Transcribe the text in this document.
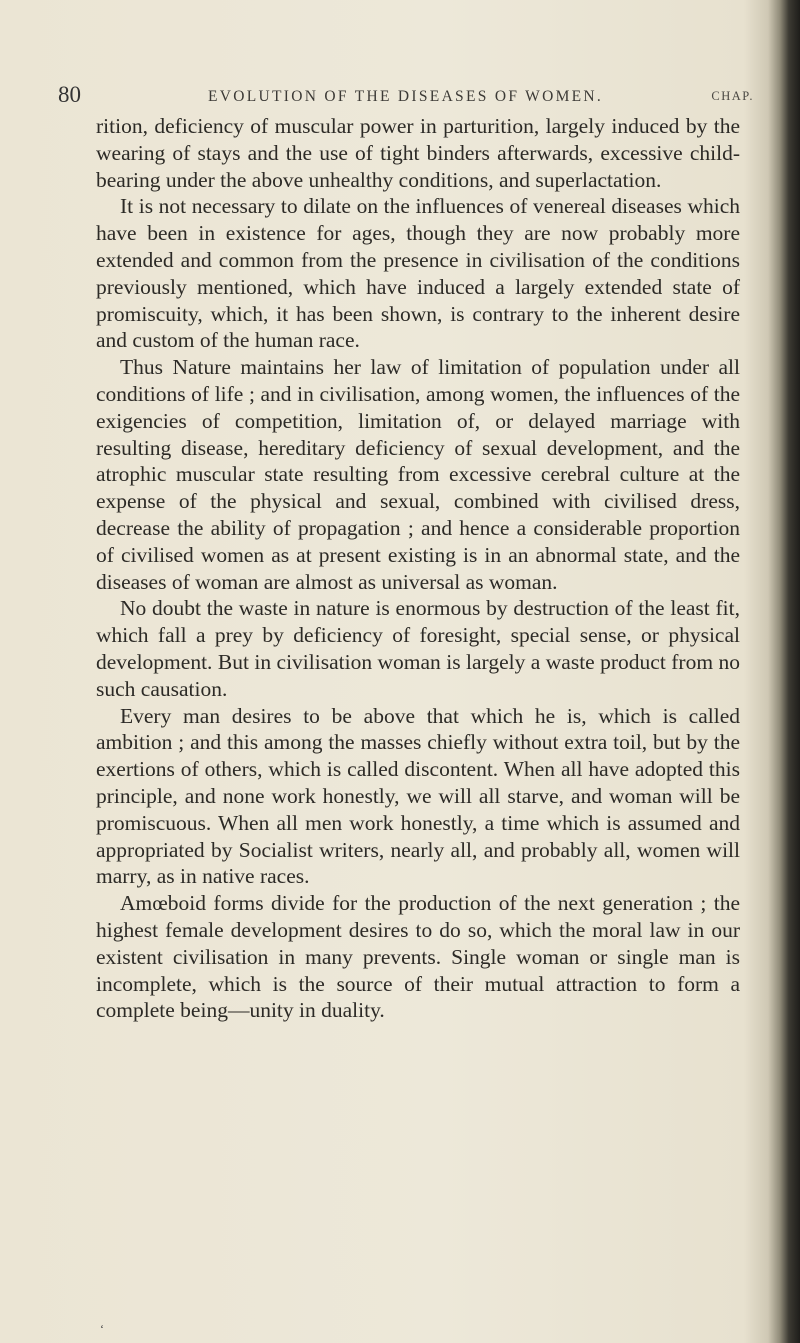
80	EVOLUTION OF THE DISEASES OF WOMEN.	CHAP.

rition, deficiency of muscular power in parturition, largely induced by the wearing of stays and the use of tight binders afterwards, excessive child-bearing under the above unhealthy conditions, and superlactation.

It is not necessary to dilate on the influences of venereal diseases which have been in existence for ages, though they are now probably more extended and common from the presence in civilisation of the conditions previously mentioned, which have induced a largely extended state of promiscuity, which, it has been shown, is contrary to the inherent desire and custom of the human race.

Thus Nature maintains her law of limitation of population under all conditions of life ; and in civilisation, among women, the influences of the exigencies of competition, limitation of, or delayed marriage with resulting disease, hereditary deficiency of sexual development, and the atrophic muscular state resulting from excessive cerebral culture at the expense of the physical and sexual, combined with civilised dress, decrease the ability of propagation ; and hence a considerable proportion of civilised women as at present existing is in an abnormal state, and the diseases of woman are almost as universal as woman.

No doubt the waste in nature is enormous by destruction of the least fit, which fall a prey by deficiency of foresight, special sense, or physical development. But in civilisation woman is largely a waste product from no such causation.

Every man desires to be above that which he is, which is called ambition ; and this among the masses chiefly without extra toil, but by the exertions of others, which is called discontent. When all have adopted this principle, and none work honestly, we will all starve, and woman will be promiscuous. When all men work honestly, a time which is assumed and appropriated by Socialist writers, nearly all, and probably all, women will marry, as in native races.

Amœboid forms divide for the production of the next generation ; the highest female development desires to do so, which the moral law in our existent civilisation in many prevents. Single woman or single man is incomplete, which is the source of their mutual attraction to form a complete being—unity in duality.

‘
